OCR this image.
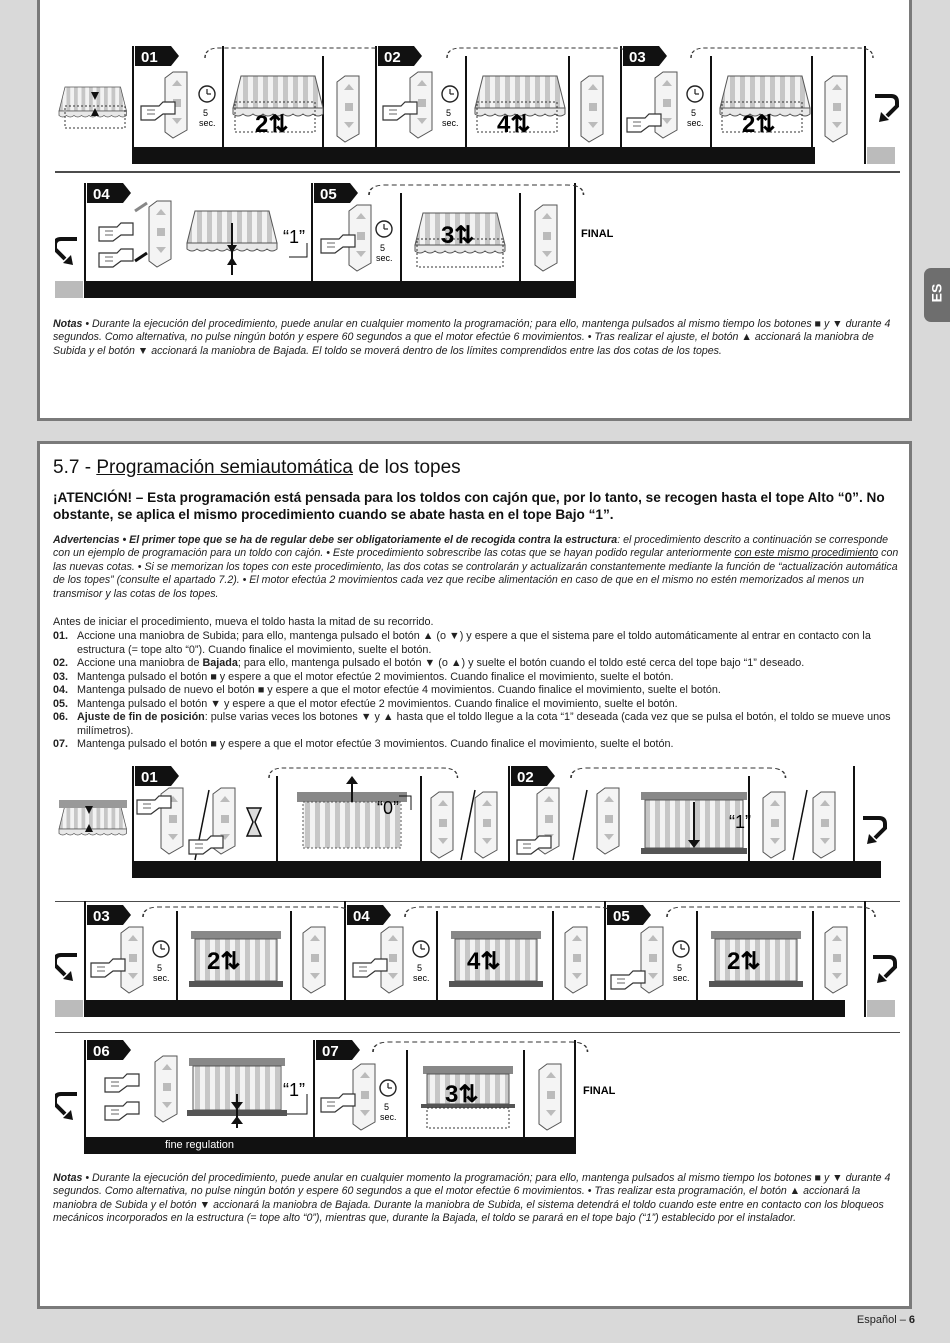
ES
01
5
sec. 2⇅
02
5
sec. 4⇅
03
5
sec. 2⇅
04
“1”
05
5
sec.
3⇅	FINAL
Notas • Durante la ejecución del procedimiento, puede anular en cualquier momento la programación; para ello, mantenga pulsados al mismo tiempo los botones ■ y ▼ durante 4 segundos. Como alternativa, no pulse ningún botón y espere 60 segundos a que el motor efectúe 6 movimientos. • Tras realizar el ajuste, el botón ▲ accionará la maniobra de Subida y el botón ▼ accionará la maniobra de Bajada. El toldo se moverá dentro de los límites comprendidos entre las dos cotas de los topes.
5.7 - Programación semiautomática de los topes
¡ATENCIÓN! – Esta programación está pensada para los toldos con cajón que, por lo tanto, se recogen hasta el tope Alto “0”. No obstante, se aplica el mismo procedimiento cuando se abate hasta en el tope Bajo “1”.
Advertencias • El primer tope que se ha de regular debe ser obligatoriamente el de recogida contra la estructura: el procedimiento descrito a continuación se corresponde con un ejemplo de programación para un toldo con cajón. • Este procedimiento sobrescribe las cotas que se hayan podido regular anteriormente con este mismo procedimiento con las nuevas cotas. • Si se memorizan los topes con este procedimiento, las dos cotas se controlarán y actualizarán constantemente mediante la función de “actualización automática de los topes” (consulte el apartado 7.2). • El motor efectúa 2 movimientos cada vez que recibe alimentación en caso de que en el mismo no estén memorizados al menos un transmisor y las cotas de los topes.
Antes de iniciar el procedimiento, mueva el toldo hasta la mitad de su recorrido.
01. Accione una maniobra de Subida; para ello, mantenga pulsado el botón ▲ (o ▼) y espere a que el sistema pare el toldo automáticamente al entrar en contacto con la estructura (= tope alto “0”). Cuando finalice el movimiento, suelte el botón.
02. Accione una maniobra de Bajada; para ello, mantenga pulsado el botón ▼ (o ▲) y suelte el botón cuando el toldo esté cerca del tope bajo “1” deseado.
03. Mantenga pulsado el botón ■ y espere a que el motor efectúe 2 movimientos. Cuando finalice el movimiento, suelte el botón.
04. Mantenga pulsado de nuevo el botón ■ y espere a que el motor efectúe 4 movimientos. Cuando finalice el movimiento, suelte el botón.
05. Mantenga pulsado el botón ▼ y espere a que el motor efectúe 2 movimientos. Cuando finalice el movimiento, suelte el botón.
06. Ajuste de fin de posición: pulse varias veces los botones ▼ y ▲ hasta que el toldo llegue a la cota “1” deseada (cada vez que se pulsa el botón, el toldo se mueve unos milímetros).
07. Mantenga pulsado el botón ■ y espere a que el motor efectúe 3 movimientos. Cuando finalice el movimiento, suelte el botón.
01
“0”
02
“1”
03
5
sec.
2⇅
04
5
sec.
4⇅
05
5
sec.
2⇅
06
“1”
07
5
sec.
3⇅	FINAL
fine regulation
Notas • Durante la ejecución del procedimiento, puede anular en cualquier momento la programación; para ello, mantenga pulsados al mismo tiempo los botones ■ y ▼ durante 4 segundos. Como alternativa, no pulse ningún botón y espere 60 segundos a que el motor efectúe 6 movimientos. • Tras realizar esta programación, el botón ▲ accionará la maniobra de Subida y el botón ▼ accionará la maniobra de Bajada. Durante la maniobra de Subida, el sistema detendrá el toldo cuando este entre en contacto con los bloqueos mecánicos incorporados en la estructura (= tope alto “0”), mientras que, durante la Bajada, el toldo se parará en el tope bajo (“1”) establecido por el instalador.
Español – 6
